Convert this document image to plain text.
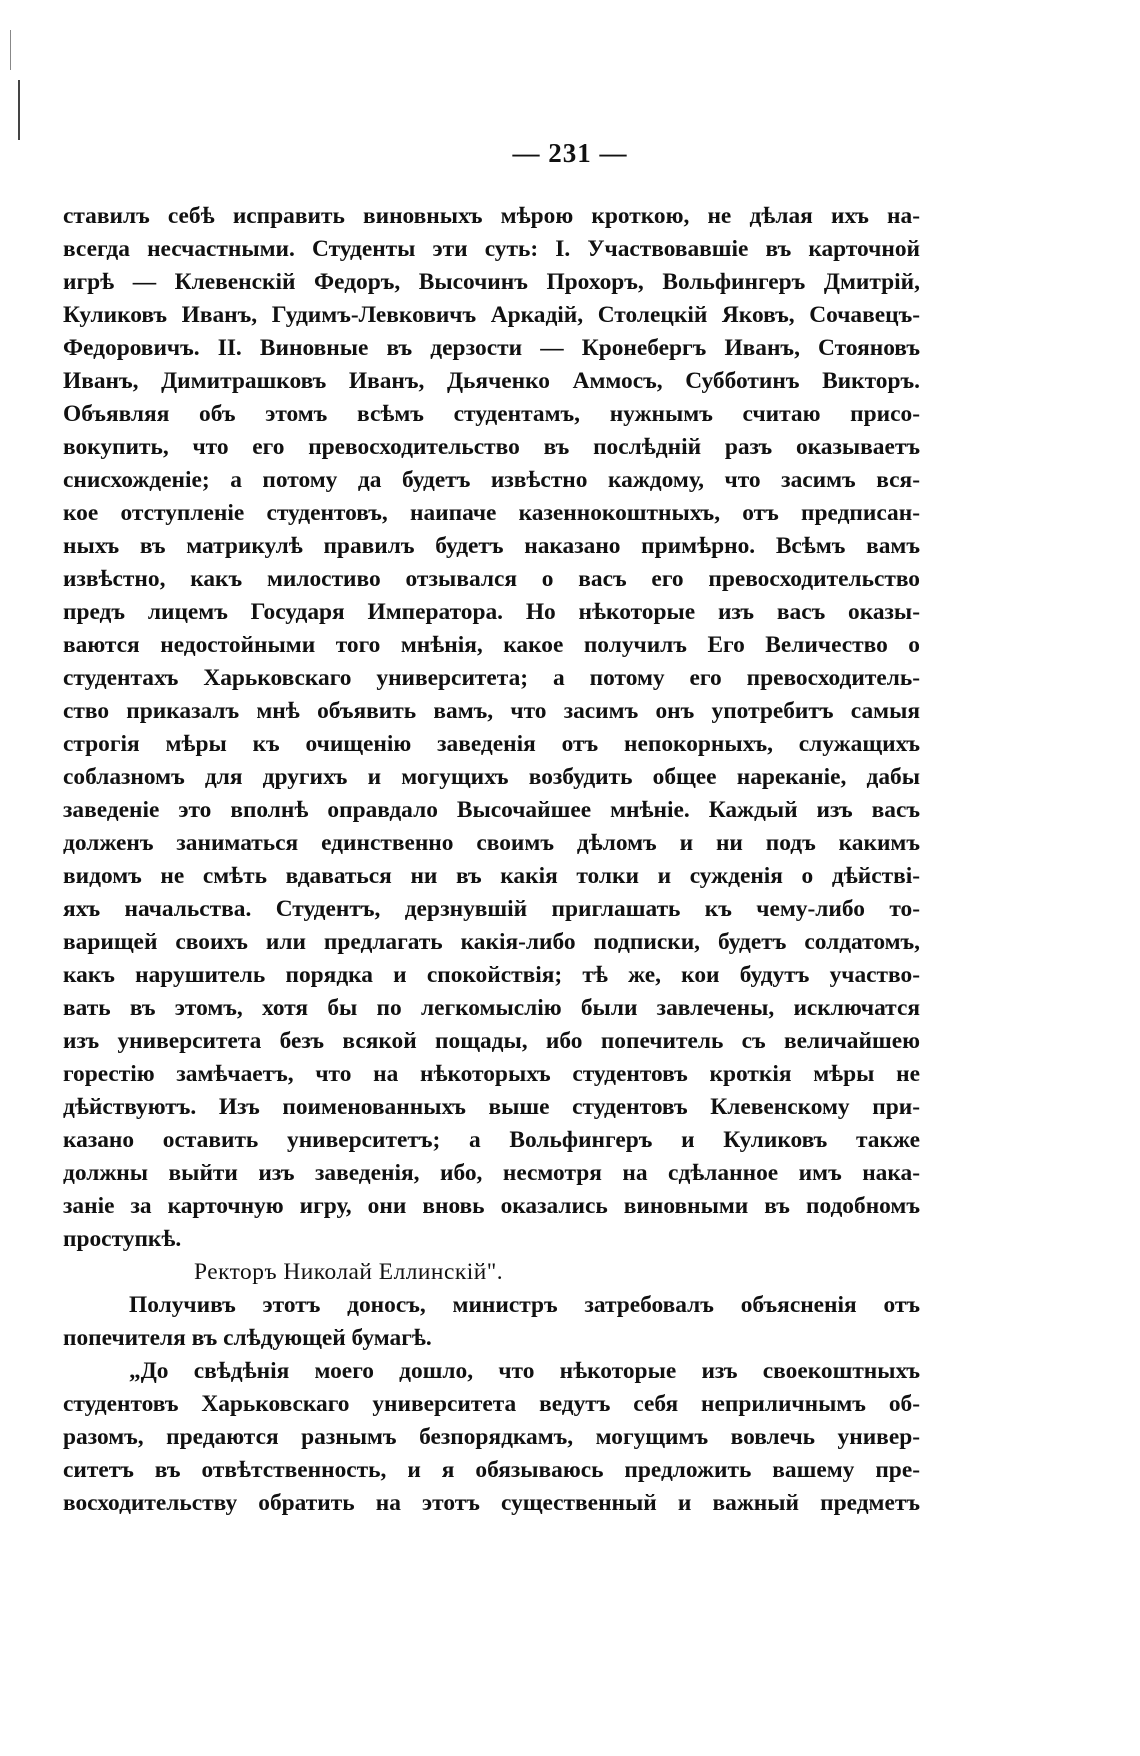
— 231 —
ставилъ себѣ исправить виновныхъ мѣрою кроткою, не дѣлая ихъ на-
всегда несчастными. Студенты эти суть: I. Участвовавшіе въ карточной
игрѣ — Клевенскій Федоръ, Высочинъ Прохоръ, Вольфингеръ Дмитрій,
Куликовъ Иванъ, Гудимъ-Левковичъ Аркадій, Столецкій Яковъ, Сочавецъ-
Федоровичъ. II. Виновные въ дерзости — Кронебергъ Иванъ, Стояновъ
Иванъ, Димитрашковъ Иванъ, Дьяченко Аммосъ, Субботинъ Викторъ.
Объявляя объ этомъ всѣмъ студентамъ, нужнымъ считаю присо-
вокупить, что его превосходительство въ послѣдній разъ оказываетъ
снисхожденіе; а потому да будетъ извѣстно каждому, что засимъ вся-
кое отступленіе студентовъ, наипаче казеннокоштныхъ, отъ предписан-
ныхъ въ матрикулѣ правилъ будетъ наказано примѣрно. Всѣмъ вамъ
извѣстно, какъ милостиво отзывался о васъ его превосходительство
предъ лицемъ Государя Императора. Но нѣкоторые изъ васъ оказы-
ваются недостойными того мнѣнія, какое получилъ Его Величество о
студентахъ Харьковскаго университета; а потому его превосходитель-
ство приказалъ мнѣ объявить вамъ, что засимъ онъ употребитъ самыя
строгія мѣры къ очищенію заведенія отъ непокорныхъ, служащихъ
соблазномъ для другихъ и могущихъ возбудить общее нареканіе, дабы
заведеніе это вполнѣ оправдало Высочайшее мнѣніе. Каждый изъ васъ
долженъ заниматься единственно своимъ дѣломъ и ни подъ какимъ
видомъ не смѣть вдаваться ни въ какія толки и сужденія о дѣйстві-
яхъ начальства. Студентъ, дерзнувшій приглашать къ чему-либо то-
варищей своихъ или предлагать какія-либо подписки, будетъ солдатомъ,
какъ нарушитель порядка и спокойствія; тѣ же, кои будутъ участво-
вать въ этомъ, хотя бы по легкомыслію были завлечены, исключатся
изъ университета безъ всякой пощады, ибо попечитель съ величайшею
горестію замѣчаетъ, что на нѣкоторыхъ студентовъ кроткія мѣры не
дѣйствуютъ. Изъ поименованныхъ выше студентовъ Клевенскому при-
казано оставить университетъ; а Вольфингеръ и Куликовъ также
должны выйти изъ заведенія, ибо, несмотря на сдѣланное имъ нака-
заніе за карточную игру, они вновь оказались виновными въ подобномъ
проступкѣ.
Ректоръ Николай Еллинскій".
Получивъ этотъ доносъ, министръ затребовалъ объясненія отъ
попечителя въ слѣдующей бумагѣ.
„До свѣдѣнія моего дошло, что нѣкоторые изъ своекоштныхъ
студентовъ Харьковскаго университета ведутъ себя неприличнымъ об-
разомъ, предаются разнымъ безпорядкамъ, могущимъ вовлечь универ-
ситетъ въ отвѣтственность, и я обязываюсь предложить вашему пре-
восходительству обратить на этотъ существенный и важный предметъ
